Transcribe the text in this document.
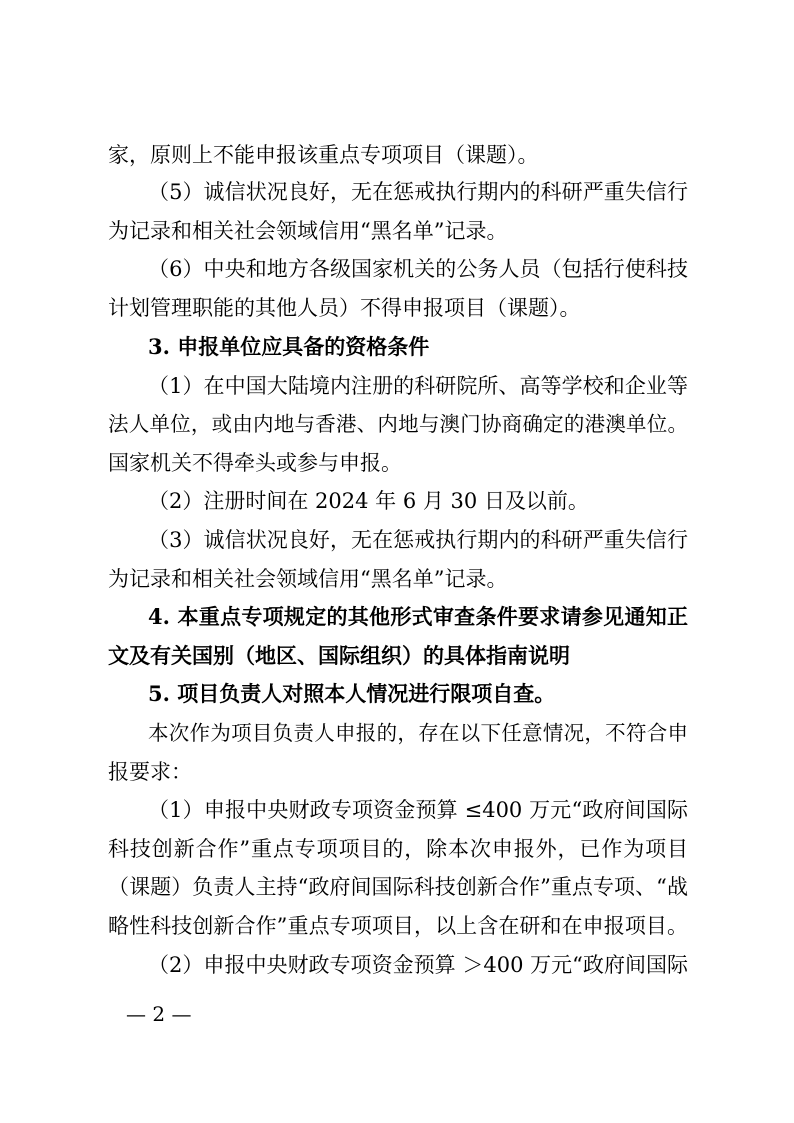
家，原则上不能申报该重点专项项目（课题）。
（5）诚信状况良好，无在惩戒执行期内的科研严重失信行
为记录和相关社会领域信用“黑名单”记录。
（6）中央和地方各级国家机关的公务人员（包括行使科技
计划管理职能的其他人员）不得申报项目（课题）。
3. 申报单位应具备的资格条件
（1）在中国大陆境内注册的科研院所、高等学校和企业等
法人单位，或由内地与香港、内地与澳门协商确定的港澳单位。
国家机关不得牵头或参与申报。
（2）注册时间在 2024 年 6 月 30 日及以前。
（3）诚信状况良好，无在惩戒执行期内的科研严重失信行
为记录和相关社会领域信用“黑名单”记录。
4. 本重点专项规定的其他形式审查条件要求请参见通知正
文及有关国别（地区、国际组织）的具体指南说明
5. 项目负责人对照本人情况进行限项自查。
本次作为项目负责人申报的，存在以下任意情况，不符合申
报要求：
（1）申报中央财政专项资金预算 ≤400 万元“政府间国际
科技创新合作”重点专项项目的，除本次申报外，已作为项目
（课题）负责人主持“政府间国际科技创新合作”重点专项、“战
略性科技创新合作”重点专项项目，以上含在研和在申报项目。
（2）申报中央财政专项资金预算 ＞400 万元“政府间国际
— 2 —
